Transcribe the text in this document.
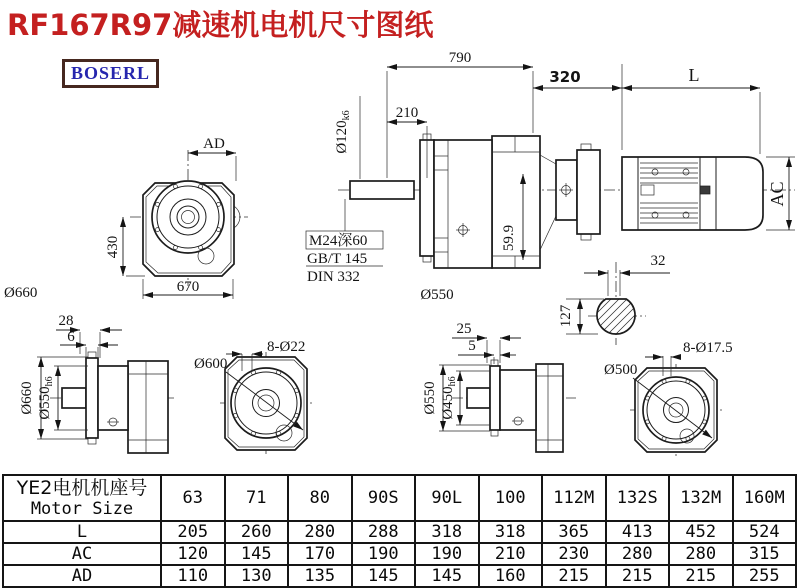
RF167R97减速机电机尺寸图纸
BOSERL
AD
430
670
Ø660
790
210
320	L
AC
$Ø120_{k6}$
M24深60
GB/T 145
DIN 332
59.9
Ø550
32
127
28
6
Ø660 $Ø550_{h6}$
Ø600
8-Ø22
25
5
Ø550 $Ø450_{h6}$
Ø500
8-Ø17.5
YE2电机机座号
Motor Size	63	71	80	90S	90L	100	112M	132S	132M	160M
L	205	260	280	288	318	318	365	413	452	524
AC	120	145	170	190	190	210	230	280	280	315
AD	110	130	135	145	145	160	215	215	215	255
